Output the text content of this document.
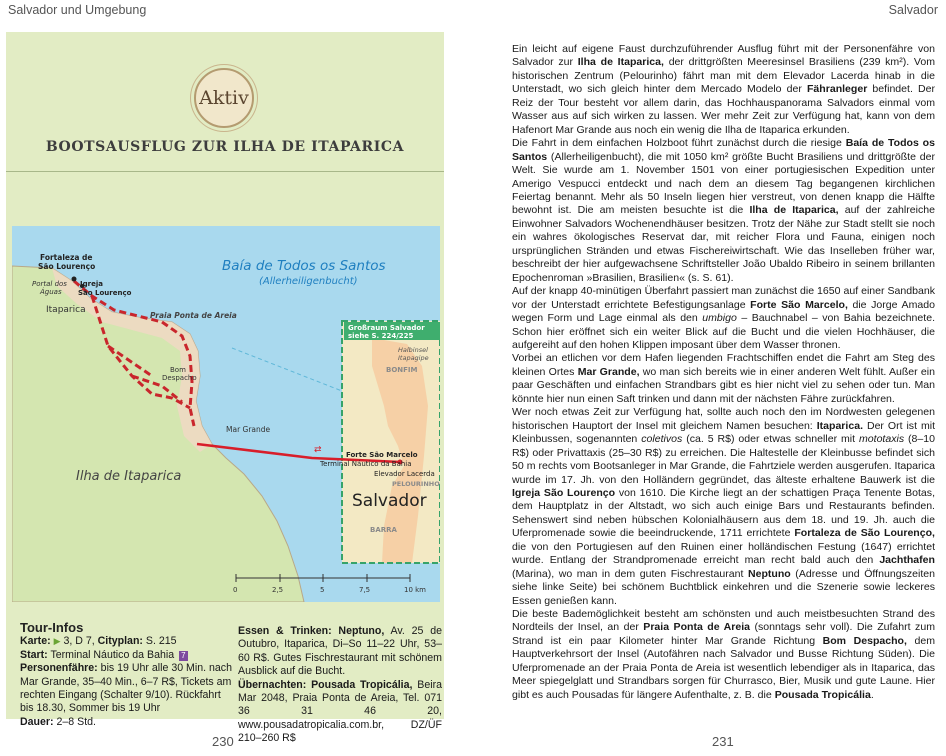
Salvador und Umgebung	Salvador
Aktiv
BOOTSAUSFLUG ZUR ILHA DE ITAPARICA
⇄
Baía de Todos os Santos
(Allerheiligenbucht)
Fortaleza de
São Lourenço
Portal dos
Águas
Igreja
São Lourenço
Itaparica
Praia Ponta de Areia
Bom
Despacho
Mar Grande
Ilha de Itaparica
Großraum Salvador
siehe S. 224/225
Halbinsel
Itapagipe
BONFIM
Forte São Marcelo
Terminal Náutico da Bahia
Elevador Lacerda
PELOURINHO
Salvador
BARRA
0	2,5	5	7,5	10 km
Tour-Infos
Karte: ▶ 3, D 7, Cityplan: S. 215
Start: Terminal Náutico da Bahia 7
Personenfähre: bis 19 Uhr alle 30 Min. nach Mar Grande, 35–40 Min., 6–7 R$, Tickets am rechten Eingang (Schalter 9/10). Rückfahrt bis 18.30, Sommer bis 19 Uhr
Dauer: 2–8 Std.
Essen & Trinken: Neptuno, Av. 25 de Outubro, Itaparica, Di–So 11–22 Uhr, 53–60 R$. Gutes Fischrestaurant mit schönem Ausblick auf die Bucht.
Übernachten: Pousada Tropicália, Beira Mar 2048, Praia Ponta de Areia, Tel. 071 36 31 46 20, www.pousadatropicalia.com.br, DZ/ÜF 210–260 R$
230

Ein leicht auf eigene Faust durchzuführender Ausflug führt mit der Personenfähre von Salvador zur Ilha de Itaparica, der drittgrößten Meeresinsel Brasiliens (239 km²). Vom historischen Zentrum (Pelourinho) fährt man mit dem Elevador Lacerda hinab in die Unterstadt, wo sich gleich hinter dem Mercado Modelo der Fähranleger befindet. Der Reiz der Tour besteht vor allem darin, das Hochhauspanorama Salvadors einmal vom Wasser aus auf sich wirken zu lassen. Wer mehr Zeit zur Verfügung hat, kann von dem Hafenort Mar Grande aus noch ein wenig die Ilha de Itaparica erkunden.

Die Fahrt in dem einfachen Holzboot führt zunächst durch die riesige Baía de Todos os Santos (Allerheiligenbucht), die mit 1050 km² größte Bucht Brasiliens und drittgrößte der Welt. Sie wurde am 1. November 1501 von einer portugiesischen Expedition unter Amerigo Vespucci entdeckt und nach dem an diesem Tag begangenen kirchlichen Feiertag benannt. Mehr als 50 Inseln liegen hier verstreut, von denen knapp die Hälfte bewohnt ist. Die am meisten besuchte ist die Ilha de Itaparica, auf der zahlreiche Einwohner Salvadors Wochenendhäuser besitzen. Trotz der Nähe zur Stadt stellt sie noch ein wahres ökologisches Reservat dar, mit reicher Flora und Fauna, einigen noch ursprünglichen Stränden und etwas Fischereiwirtschaft. Wie das Inselleben früher war, beschreibt der hier aufgewachsene Schriftsteller João Ubaldo Ribeiro in seinem brillanten Epochenroman »Brasilien, Brasilien« (s. S. 61).

Auf der knapp 40-minütigen Überfahrt passiert man zunächst die 1650 auf einer Sandbank vor der Unterstadt errichtete Befestigungsanlage Forte São Marcelo, die Jorge Amado wegen Form und Lage einmal als den umbigo – Bauchnabel – von Bahia bezeichnete. Schon hier eröffnet sich ein weiter Blick auf die Bucht und die vielen Hochhäuser, die aufgereiht auf den hohen Klippen imposant über dem Wasser thronen.

Vorbei an etlichen vor dem Hafen liegenden Frachtschiffen endet die Fahrt am Steg des kleinen Ortes Mar Grande, wo man sich bereits wie in einer anderen Welt fühlt. Außer ein paar Geschäften und einfachen Strandbars gibt es hier nicht viel zu sehen oder tun. Man könnte hier nun einen Saft trinken und dann mit der nächsten Fähre zurückfahren.

Wer noch etwas Zeit zur Verfügung hat, sollte auch noch den im Nordwesten gelegenen historischen Hauptort der Insel mit gleichem Namen besuchen: Itaparica. Der Ort ist mit Kleinbussen, sogenannten coletivos (ca. 5 R$) oder etwas schneller mit mototaxis (8–10 R$) oder Privattaxis (25–30 R$) zu erreichen. Die Haltestelle der Kleinbusse befindet sich 50 m rechts vom Bootsanleger in Mar Grande, die Fahrtziele werden ausgerufen. Itaparica wurde im 17. Jh. von den Holländern gegründet, das älteste erhaltene Bauwerk ist die Igreja São Lourenço von 1610. Die Kirche liegt an der schattigen Praça Tenente Botas, dem Hauptplatz in der Altstadt, wo sich auch einige Bars und Restaurants befinden. Sehenswert sind neben hübschen Kolonialhäusern aus dem 18. und 19. Jh. auch die Uferpromenade sowie die beeindruckende, 1711 errichtete Fortaleza de São Lourenço, die von den Portugiesen auf den Ruinen einer holländischen Festung (1647) errichtet wurde. Entlang der Strandpromenade erreicht man recht bald auch den Jachthafen (Marina), wo man in dem guten Fischrestaurant Neptuno (Adresse und Öffnungszeiten siehe linke Seite) bei schönem Buchtblick einkehren und die Szenerie sowie leckeres Essen genießen kann.

Die beste Bademöglichkeit besteht am schönsten und auch meistbesuchten Strand des Nordteils der Insel, an der Praia Ponta de Areia (sonntags sehr voll). Die Zufahrt zum Strand ist ein paar Kilometer hinter Mar Grande Richtung Bom Despacho, dem Hauptverkehrsort der Insel (Autofähren nach Salvador und Busse Richtung Süden). Die Uferpromenade an der Praia Ponta de Areia ist wesentlich lebendiger als in Itaparica, das Meer spiegelglatt und Strandbars sorgen für Churrasco, Bier, Musik und gute Laune. Hier gibt es auch Pousadas für längere Aufenthalte, z. B. die Pousada Tropicália.

231
